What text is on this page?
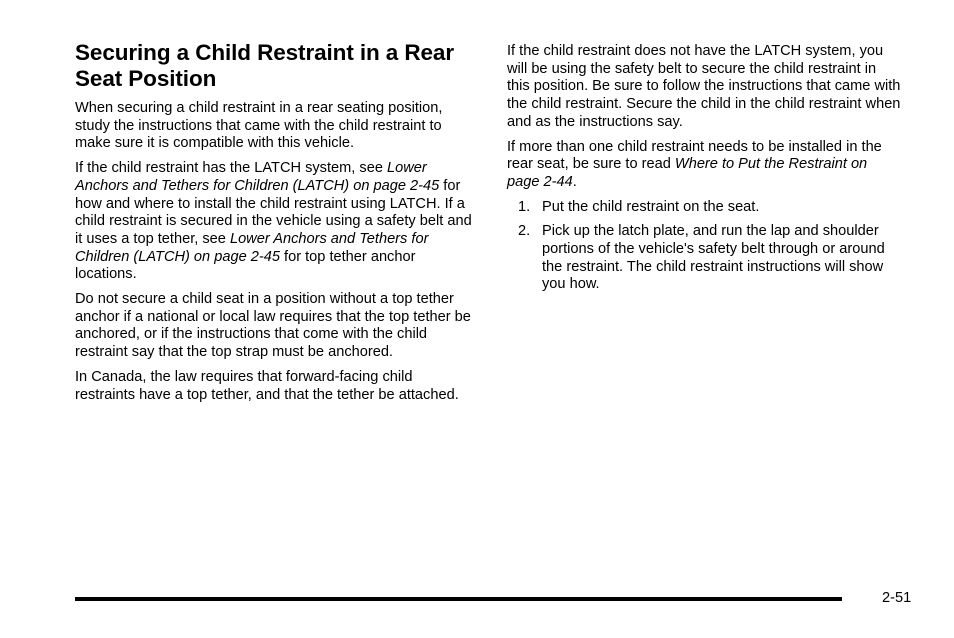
Securing a Child Restraint in a Rear Seat Position

When securing a child restraint in a rear seating position, study the instructions that came with the child restraint to make sure it is compatible with this vehicle.

If the child restraint has the LATCH system, see Lower Anchors and Tethers for Children (LATCH) on page 2-45 for how and where to install the child restraint using LATCH. If a child restraint is secured in the vehicle using a safety belt and it uses a top tether, see Lower Anchors and Tethers for Children (LATCH) on page 2-45 for top tether anchor locations.

Do not secure a child seat in a position without a top tether anchor if a national or local law requires that the top tether be anchored, or if the instructions that come with the child restraint say that the top strap must be anchored.

In Canada, the law requires that forward-facing child restraints have a top tether, and that the tether be attached.

If the child restraint does not have the LATCH system, you will be using the safety belt to secure the child restraint in this position. Be sure to follow the instructions that came with the child restraint. Secure the child in the child restraint when and as the instructions say.

If more than one child restraint needs to be installed in the rear seat, be sure to read Where to Put the Restraint on page 2-44.

1. Put the child restraint on the seat.
2. Pick up the latch plate, and run the lap and shoulder portions of the vehicle's safety belt through or around the restraint. The child restraint instructions will show you how.
2-51
